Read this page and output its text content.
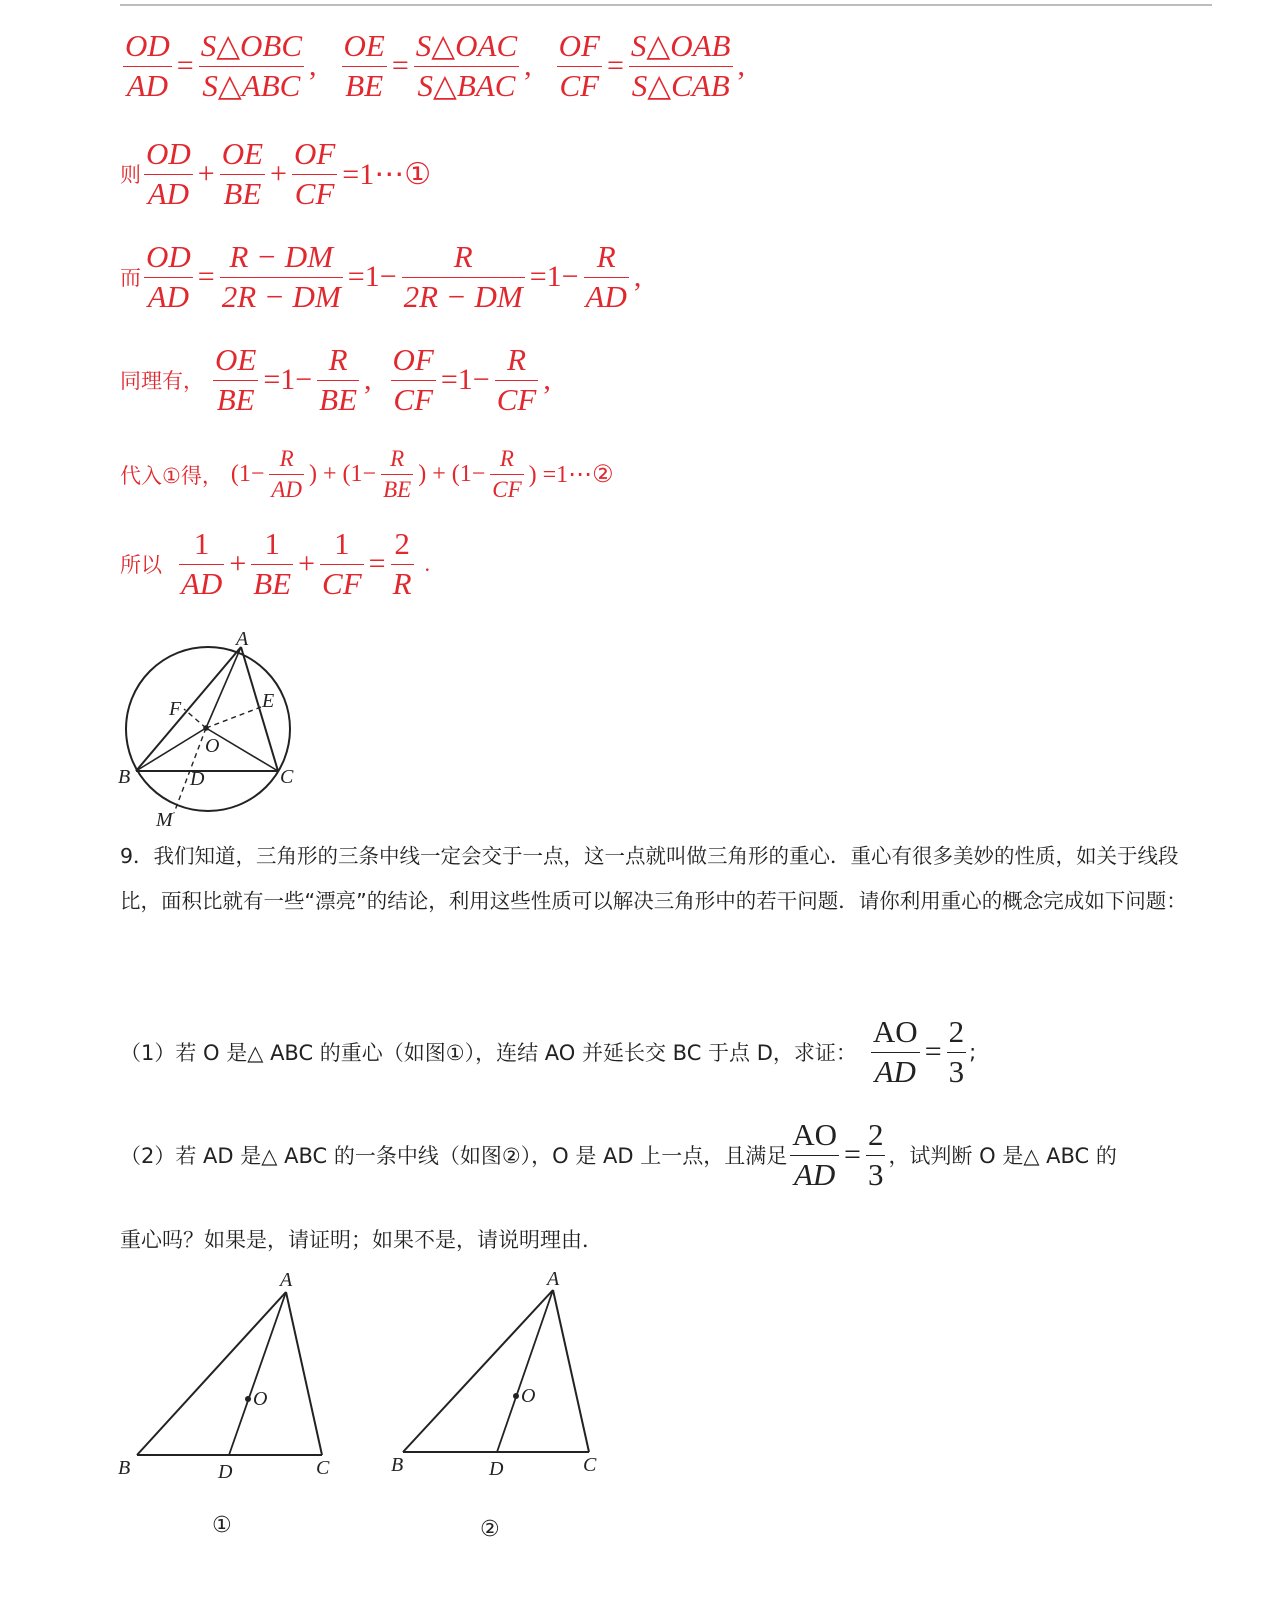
$\frac{OD}{AD} = \frac{\text{S△OBC}}{\text{S△ABC}}$ , $\frac{OE}{BE} = \frac{\text{S△OAC}}{\text{S△BAC}}$ , $\frac{OF}{CF} = \frac{\text{S△OAB}}{\text{S△CAB}}$ ,
则 $\frac{OD}{AD} + \frac{OE}{BE} + \frac{OF}{CF}$ =1⋯①
而 $\frac{OD}{AD} = \frac{R - DM}{2R - DM} =1- \frac{R}{2R - DM} =1- \frac{R}{AD}$ ,
同理有， $\frac{OE}{BE} =1- \frac{R}{BE}$ , $\frac{OF}{CF} =1- \frac{R}{CF}$ ,
代入①得， ($1- \frac{R}{AD}$ ) + ($1- \frac{R}{BE}$ ) + ($1- \frac{R}{CF}$ ) =1⋯②
所以 $\frac{1}{AD} + \frac{1}{BE} + \frac{1}{CF} = \frac{2}{R}$ .
A
B	C
D
E
F
O
M
9．我们知道，三角形的三条中线一定会交于一点，这一点就叫做三角形的重心．重心有很多美妙的性质，如关于线段比，面积比就有一些“漂亮”的结论，利用这些性质可以解决三角形中的若干问题．请你利用重心的概念完成如下问题：
（1）若 O 是△ ABC 的重心（如图①），连结 AO 并延长交 BC 于点 D，求证： $\frac{AO}{AD} = \frac{2}{3}$ ;
（2）若 AD 是△ ABC 的一条中线（如图②），O 是 AD 上一点，且满足 $\frac{AO}{AD} = \frac{2}{3}$ ，试判断 O 是△ ABC 的
重心吗？如果是，请证明；如果不是，请说明理由．
A
B	C
D
O
①
A
B	C
D
O
②
